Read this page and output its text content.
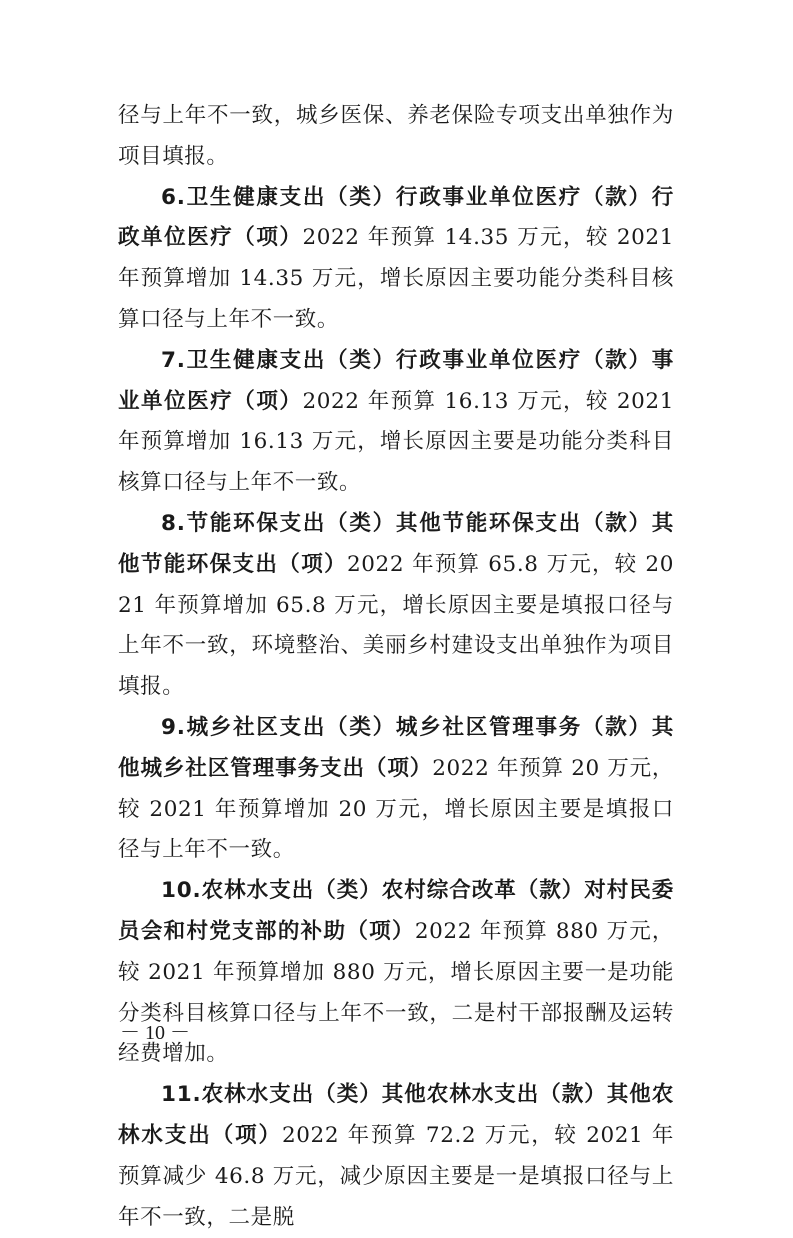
径与上年不一致，城乡医保、养老保险专项支出单独作为项目填报。

6.卫生健康支出（类）行政事业单位医疗（款）行政单位医疗（项）2022 年预算 14.35 万元，较 2021 年预算增加 14.35 万元，增长原因主要功能分类科目核算口径与上年不一致。

7.卫生健康支出（类）行政事业单位医疗（款）事业单位医疗（项）2022 年预算 16.13 万元，较 2021 年预算增加 16.13 万元，增长原因主要是功能分类科目核算口径与上年不一致。

8.节能环保支出（类）其他节能环保支出（款）其他节能环保支出（项）2022 年预算 65.8 万元，较 2021 年预算增加 65.8 万元，增长原因主要是填报口径与上年不一致，环境整治、美丽乡村建设支出单独作为项目填报。

9.城乡社区支出（类）城乡社区管理事务（款）其他城乡社区管理事务支出（项）2022 年预算 20 万元，较 2021 年预算增加 20 万元，增长原因主要是填报口径与上年不一致。

10.农林水支出（类）农村综合改革（款）对村民委员会和村党支部的补助（项）2022 年预算 880 万元，较 2021 年预算增加 880 万元，增长原因主要一是功能分类科目核算口径与上年不一致，二是村干部报酬及运转经费增加。

11.农林水支出（类）其他农林水支出（款）其他农林水支出（项）2022 年预算 72.2 万元，较 2021 年预算减少 46.8 万元，减少原因主要是一是填报口径与上年不一致，二是脱

－ 10 －
